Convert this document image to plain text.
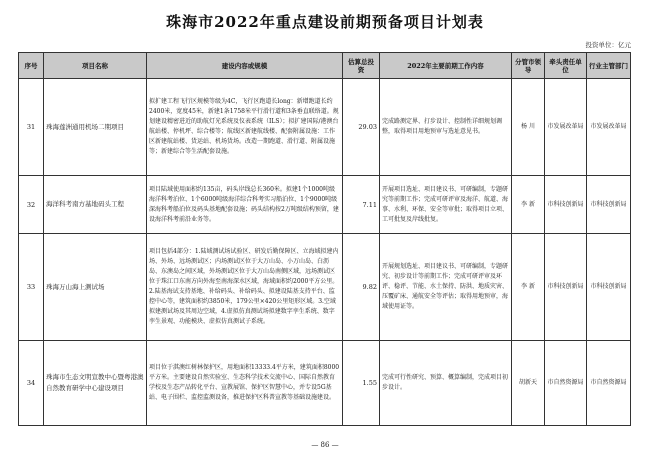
珠海市2022年重点建设前期预备项目计划表
投资单位：亿元
序号	项目名称	建设内容或规模	估算总投资	2022年主要前期工作内容	分管市领导	牵头责任单位	行业主管部门
31	珠海莲洲通用机场二期项目	拟扩建工程飞行区规模等级为4C，飞行区跑道长long：新增跑道长约2400米，宽度45米，新建1条1758米平行滑行道和3条垂直联络道。规划建设精密进近的助航灯光系统及仪表系统（ILS）；拟扩建国际/港澳台航站楼、停机坪、综合楼等；航线区新建航线楼、配套附属设施：工作区新建航站楼、货运站、机场货场。改造一期跑道、滑行道、附属设施等；新建综合等生活配套设施。	29.03	完成路测定界、打步设计、控制性详细规划调整，取得项目用地预审与选址意见书。	杨 川	市发展改革局	市发展改革局
32	海洋科考南方基地码头工程	项目陆域使用面积约135亩，码头岸线总长360米。拟建1个1000吨级海洋科考泊位、1个6000吨级海洋综合科考实习船泊位、1个9000吨级深海科考船泊位及码头基地配套设施；码头结构按2万吨级结构预留，建设海洋科考前沿业务等。	7.11	开展项目选址、项目建议书、可研编制，专题研究等前期工作；完成可研评审及海洋、航道、海事、水利、环保、安全等审批；取得项目立项、工可批复及岸线批复。	李 新	市科技创新局	市科技创新局
33	珠海万山海上测试场	项目包括4部分：1.陆域测试场试验区、研发后勤保障区、立海域拟建内场、外场、远场测试区；内场测试区位于大万山岛、小万山岛、白沥岛、东澳岛之间区域，外场测试区位于大万山岛南侧区域，远场测试区位于珠江口东南方向外海至南海深水区域，海域面积约2000平方公里。2.陆基海试支持基地、补给码头、补给码头、拟建设陆基支持平台、监控中心等，建筑面积约3850米，179公里×420公里矩形区域。3.空域拟建测试场及其周边空域，4.虚拟仿真测试场拟建数字孪生系统、数字孪生景观、功能模块、虚拟仿真测试子系统。	9.82	开展规划选址、项目建议书、可研编制，专题研究、初步设计等前期工作；完成可研评审及环评、稳评、节能、水土保持、防洪、地质灾害、压覆矿床、通航安全等评估；取得用地预审，海域使用证等。	李 新	市科技创新局	市科技创新局
34	珠海市生态文明宣教中心暨粤港澳自然教育研学中心建设项目	项目位于淇澳红树林保护区，用地面积13333.4平方米，建筑面积8000平方米。主要建设自然实验室、生态科学技术交流中心、国际自然教育学校及生态产品转化平台、宣教展馆、保护区智慧中心，并专设5G基站、电子围栏、监控监测设备，推进保护区科普宣教等基础设施建设。	1.55	完成可行性研究、预算、概算编制，完成项目初步设计。	胡新天	市自然资源局	市自然资源局
— 86 —
